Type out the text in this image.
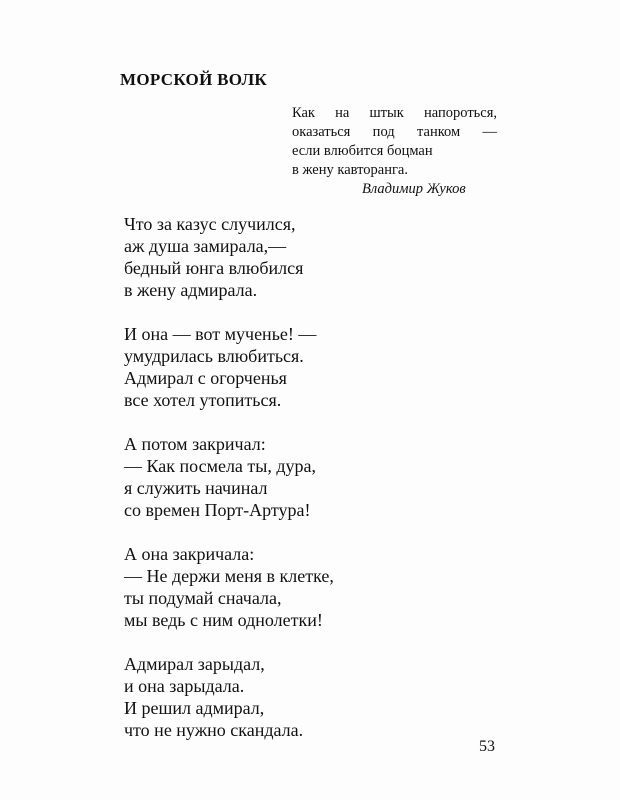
МОРСКОЙ ВОЛК
Как на штык напороться,
оказаться под танком —
если влюбится боцман
в жену кавторанга.
Владимир Жуков
Что за казус случился,
аж душа замирала,—
бедный юнга влюбился
в жену адмирала.
И она — вот мученье! —
умудрилась влюбиться.
Адмирал с огорченья
все хотел утопиться.
А потом закричал:
— Как посмела ты, дура,
я служить начинал
со времен Порт-Артура!
А она закричала:
— Не держи меня в клетке,
ты подумай сначала,
мы ведь с ним однолетки!
Адмирал зарыдал,
и она зарыдала.
И решил адмирал,
что не нужно скандала.
53
